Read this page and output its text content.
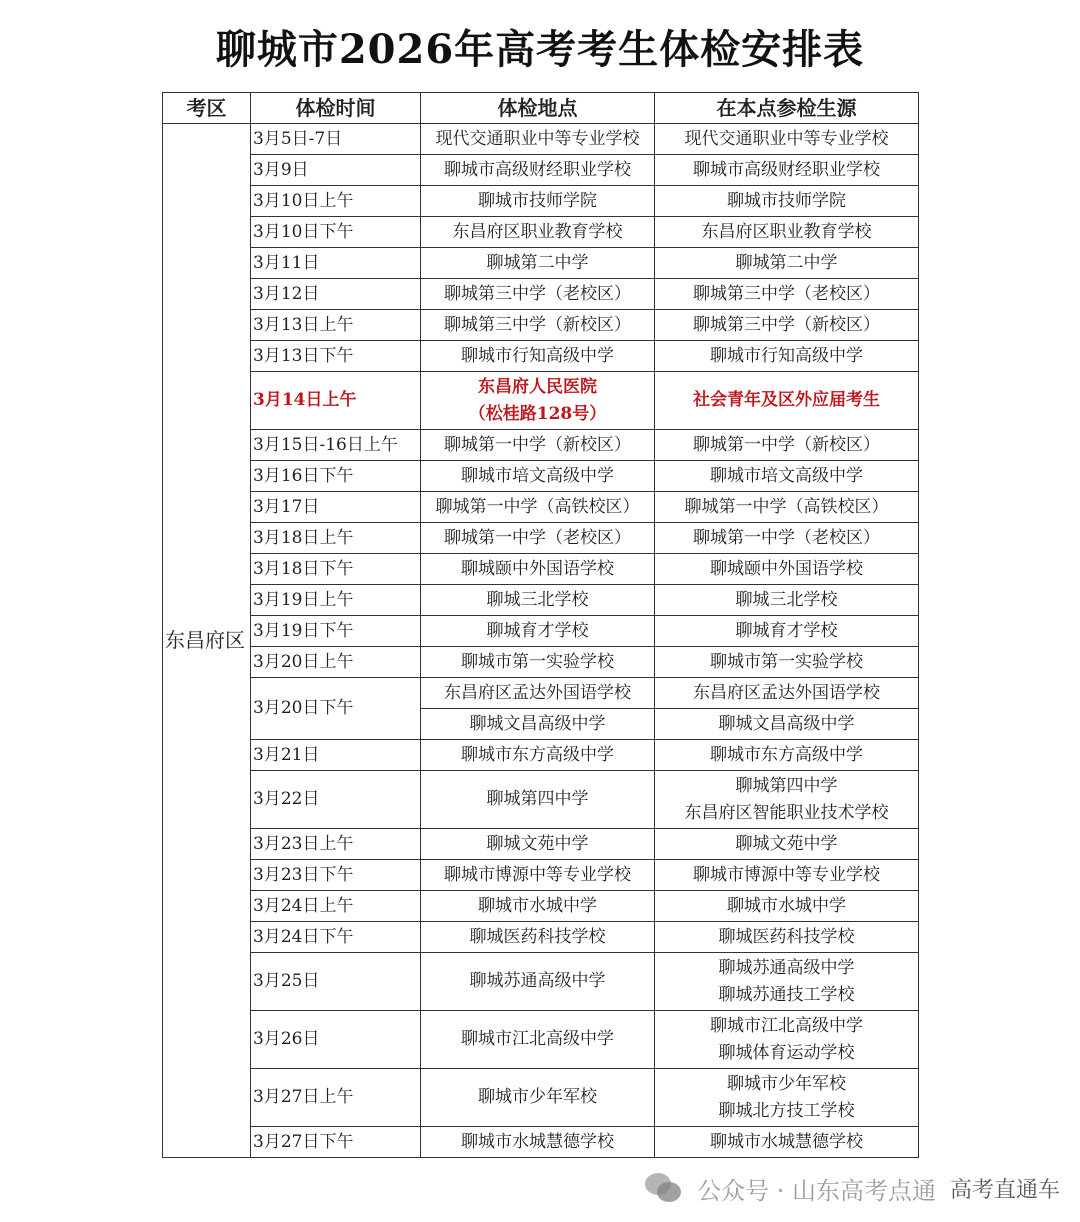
聊城市2026年高考考生体检安排表
考区	体检时间	体检地点	在本点参检生源
东昌府区	3月5日-7日	现代交通职业中等专业学校	现代交通职业中等专业学校

	3月9日	聊城市高级财经职业学校	聊城市高级财经职业学校

	3月10日上午	聊城市技师学院	聊城市技师学院

	3月10日下午	东昌府区职业教育学校	东昌府区职业教育学校

	3月11日	聊城第二中学	聊城第二中学

	3月12日	聊城第三中学（老校区）	聊城第三中学（老校区）

	3月13日上午	聊城第三中学（新校区）	聊城第三中学（新校区）

	3月13日下午	聊城市行知高级中学	聊城市行知高级中学

	3月14日上午	东昌府人民医院
（松桂路128号）	社会青年及区外应届考生

	3月15日-16日上午	聊城第一中学（新校区）	聊城第一中学（新校区）

	3月16日下午	聊城市培文高级中学	聊城市培文高级中学

	3月17日	聊城第一中学（高铁校区）	聊城第一中学（高铁校区）

	3月18日上午	聊城第一中学（老校区）	聊城第一中学（老校区）

	3月18日下午	聊城颐中外国语学校	聊城颐中外国语学校

	3月19日上午	聊城三北学校	聊城三北学校

	3月19日下午	聊城育才学校	聊城育才学校

	3月20日上午	聊城市第一实验学校	聊城市第一实验学校

	3月20日下午	东昌府区孟达外国语学校	东昌府区孟达外国语学校

		聊城文昌高级中学	聊城文昌高级中学

	3月21日	聊城市东方高级中学	聊城市东方高级中学

	3月22日	聊城第四中学	聊城第四中学
东昌府区智能职业技术学校

	3月23日上午	聊城文苑中学	聊城文苑中学

	3月23日下午	聊城市博源中等专业学校	聊城市博源中等专业学校

	3月24日上午	聊城市水城中学	聊城市水城中学

	3月24日下午	聊城医药科技学校	聊城医药科技学校

	3月25日	聊城苏通高级中学	聊城苏通高级中学
聊城苏通技工学校

	3月26日	聊城市江北高级中学	聊城市江北高级中学
聊城体育运动学校

	3月27日上午	聊城市少年军校	聊城市少年军校
聊城北方技工学校

	3月27日下午	聊城市水城慧德学校	聊城市水城慧德学校
公众号 · 山东高考点通 高考直通车
